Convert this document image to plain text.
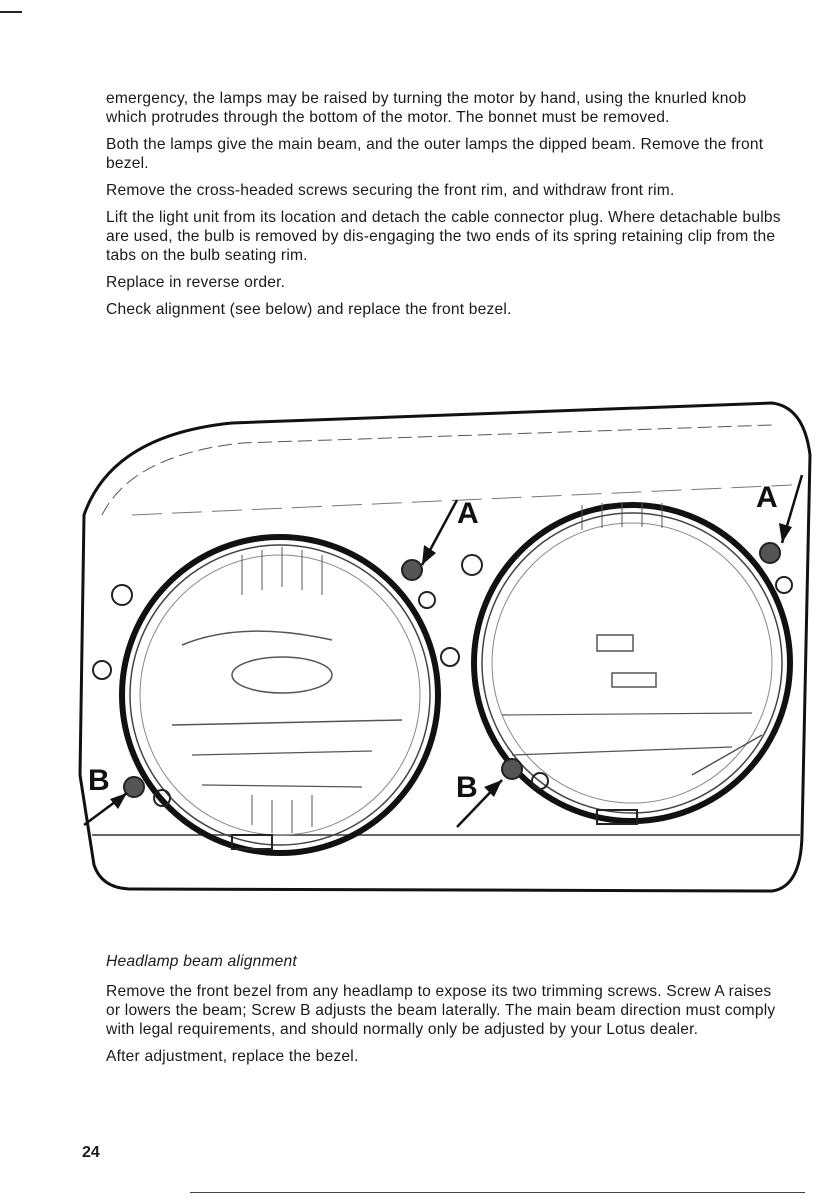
emergency, the lamps may be raised by turning the motor by hand, using the knurled knob which protrudes through the bottom of the motor. The bonnet must be removed.

Both the lamps give the main beam, and the outer lamps the dipped beam. Remove the front bezel.

Remove the cross-headed screws securing the front rim, and withdraw front rim.

Lift the light unit from its location and detach the cable connector plug. Where detachable bulbs are used, the bulb is removed by dis-engaging the two ends of its spring retaining clip from the tabs on the bulb seating rim.

Replace in reverse order.

Check alignment (see below) and replace the front bezel.

A	A
B	B
Headlamp beam alignment

Remove the front bezel from any headlamp to expose its two trimming screws. Screw A raises or lowers the beam; Screw B adjusts the beam laterally. The main beam direction must comply with legal requirements, and should normally only be adjusted by your Lotus dealer.

After adjustment, replace the bezel.

24
